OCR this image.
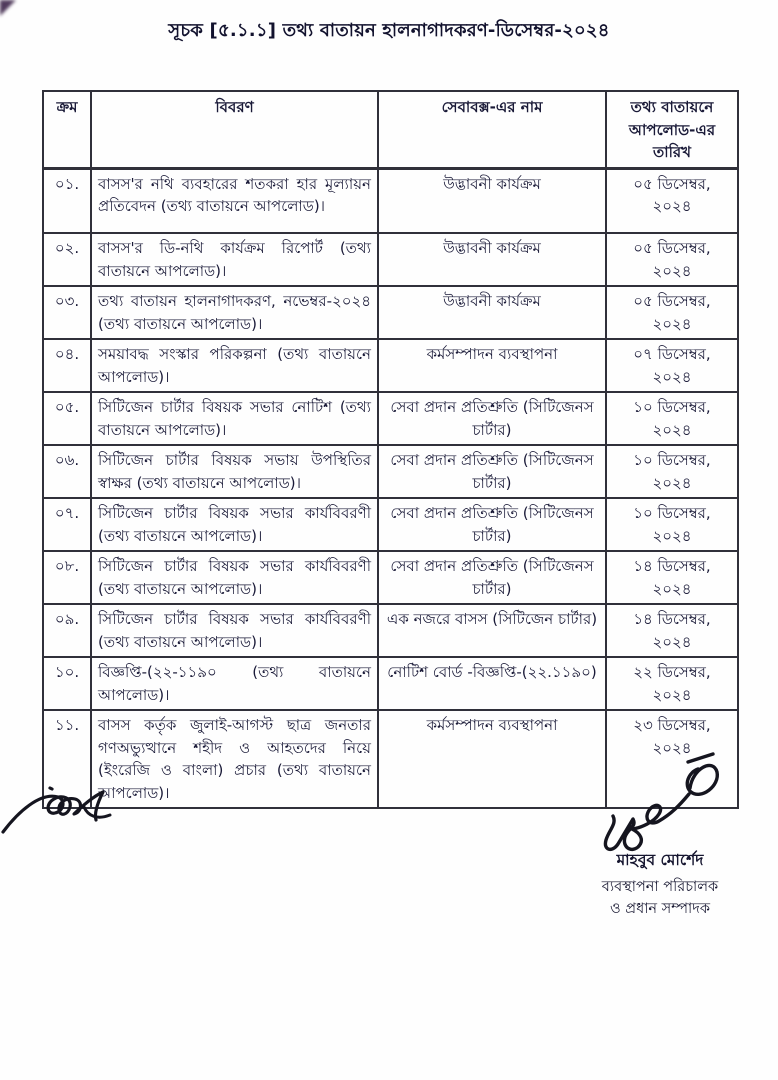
সূচক [৫.১.১] তথ্য বাতায়ন হালনাগাদকরণ-ডিসেম্বর-২০২৪
ক্রম	বিবরণ	সেবাবক্স-এর নাম	তথ্য বাতায়নে আপলোড-এর তারিখ
০১.	বাসস'র নথি ব্যবহারের শতকরা হার মূল্যায়ন প্রতিবেদন (তথ্য বাতায়নে আপলোড)।	উদ্ভাবনী কার্যক্রম	০৫ ডিসেম্বর, ২০২৪
০২.	বাসস'র ডি-নথি কার্যক্রম রিপোর্ট (তথ্য বাতায়নে আপলোড)।	উদ্ভাবনী কার্যক্রম	০৫ ডিসেম্বর, ২০২৪
০৩.	তথ্য বাতায়ন হালনাগাদকরণ, নভেম্বর-২০২৪ (তথ্য বাতায়নে আপলোড)।	উদ্ভাবনী কার্যক্রম	০৫ ডিসেম্বর, ২০২৪
০৪.	সময়াবদ্ধ সংস্কার পরিকল্পনা (তথ্য বাতায়নে আপলোড)।	কর্মসম্পাদন ব্যবস্থাপনা	০৭ ডিসেম্বর, ২০২৪
০৫.	সিটিজেন চার্টার বিষয়ক সভার নোটিশ (তথ্য বাতায়নে আপলোড)।	সেবা প্রদান প্রতিশ্রুতি (সিটিজেনস চার্টার)	১০ ডিসেম্বর, ২০২৪
০৬.	সিটিজেন চার্টার বিষয়ক সভায় উপস্থিতির স্বাক্ষর (তথ্য বাতায়নে আপলোড)।	সেবা প্রদান প্রতিশ্রুতি (সিটিজেনস চার্টার)	১০ ডিসেম্বর, ২০২৪
০৭.	সিটিজেন চার্টার বিষয়ক সভার কার্যবিবরণী (তথ্য বাতায়নে আপলোড)।	সেবা প্রদান প্রতিশ্রুতি (সিটিজেনস চার্টার)	১০ ডিসেম্বর, ২০২৪
০৮.	সিটিজেন চার্টার বিষয়ক সভার কার্যবিবরণী (তথ্য বাতায়নে আপলোড)।	সেবা প্রদান প্রতিশ্রুতি (সিটিজেনস চার্টার)	১৪ ডিসেম্বর, ২০২৪
০৯.	সিটিজেন চার্টার বিষয়ক সভার কার্যবিবরণী (তথ্য বাতায়নে আপলোড)।	এক নজরে বাসস (সিটিজেন চার্টার)	১৪ ডিসেম্বর, ২০২৪
১০.	বিজ্ঞপ্তি-(২২-১১৯০ (তথ্য বাতায়নে আপলোড)।	নোটিশ বোর্ড -বিজ্ঞপ্তি-(২২.১১৯০)	২২ ডিসেম্বর, ২০২৪
১১.	বাসস কর্তৃক জুলাই-আগস্ট ছাত্র জনতার গণঅভ্যুত্থানে শহীদ ও আহতদের নিয়ে (ইংরেজি ও বাংলা) প্রচার (তথ্য বাতায়নে আপলোড)।	কর্মসম্পাদন ব্যবস্থাপনা	২৩ ডিসেম্বর, ২০২৪
মাহবুব মোর্শেদ
ব্যবস্থাপনা পরিচালক
ও প্রধান সম্পাদক
